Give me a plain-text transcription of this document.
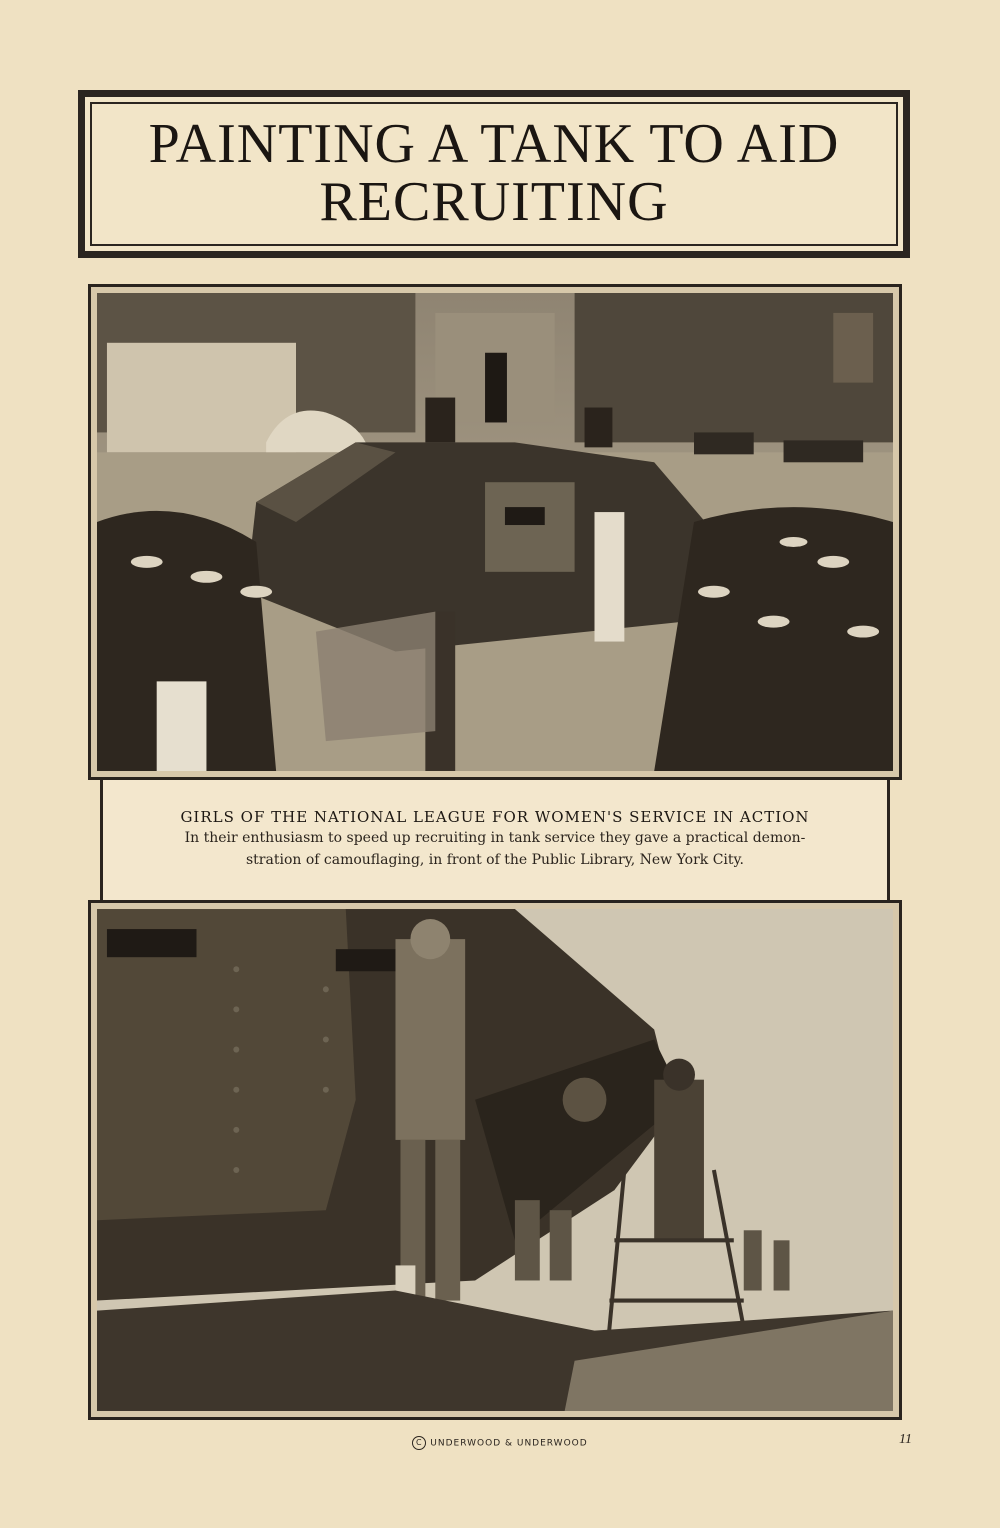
PAINTING A TANK TO AID
RECRUITING

GIRLS OF THE NATIONAL LEAGUE FOR WOMEN'S SERVICE IN ACTION

In their enthusiasm to speed up recruiting in tank service they gave a practical demon-

stration of camouflaging, in front of the Public Library, New York City.

C UNDERWOOD & UNDERWOOD	11
